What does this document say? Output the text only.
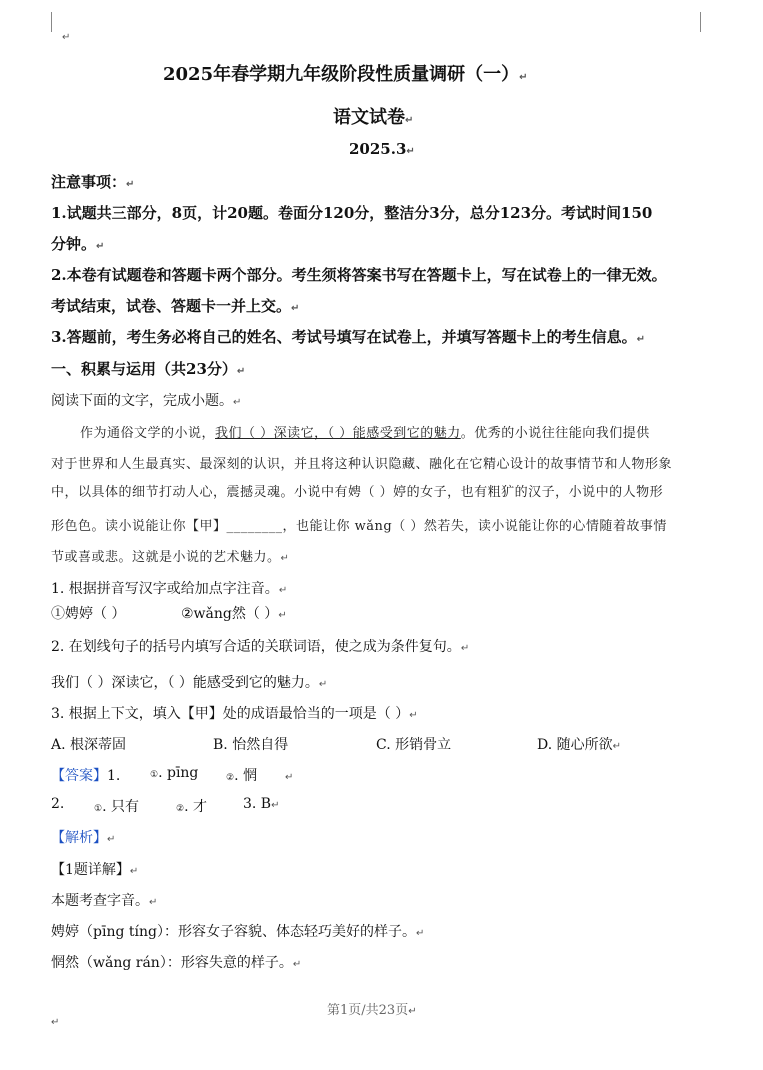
↵
2025年春学期九年级阶段性质量调研（一）↵
语文试卷↵
2025.3↵
注意事项：↵
1.试题共三部分，8页，计20题。卷面分120分，整洁分3分，总分123分。考试时间150
分钟。↵
2.本卷有试题卷和答题卡两个部分。考生须将答案书写在答题卡上，写在试卷上的一律无效。
考试结束，试卷、答题卡一并上交。↵
3.答题前，考生务必将自己的姓名、考试号填写在试卷上，并填写答题卡上的考生信息。↵
一、积累与运用（共23分）↵
阅读下面的文字，完成小题。↵
作为通俗文学的小说，我们（ ）深读它，（ ）能感受到它的魅力。优秀的小说往往能向我们提供
对于世界和人生最真实、最深刻的认识，并且将这种认识隐藏、融化在它精心设计的故事情节和人物形象
中，以具体的细节打动人心，震撼灵魂。小说中有娉（ ）婷的女子，也有粗犷的汉子，小说中的人物形
形色色。读小说能让你【甲】________，也能让你 wǎng（ ）然若失，读小说能让你的心情随着故事情
节或喜或悲。这就是小说的艺术魅力。↵
1. 根据拼音写汉字或给加点字注音。↵
①娉婷（ ）	②wǎng然（ ）↵
2. 在划线句子的括号内填写合适的关联词语，使之成为条件复句。↵
我们（ ）深读它，（ ）能感受到它的魅力。↵
3. 根据上下文，填入【甲】处的成语最恰当的一项是（ ）↵
A. 根深蒂固	B. 怡然自得	C. 形销骨立	D. 随心所欲↵
【答案】1.	①. pīng	②. 惘	↵
2.	①. 只有	②. 才	3. B↵
【解析】↵
【1题详解】↵
本题考查字音。↵
娉婷（pīng tíng）：形容女子容貌、体态轻巧美好的样子。↵
惘然（wǎng rán）：形容失意的样子。↵
第1页/共23页↵
↵
